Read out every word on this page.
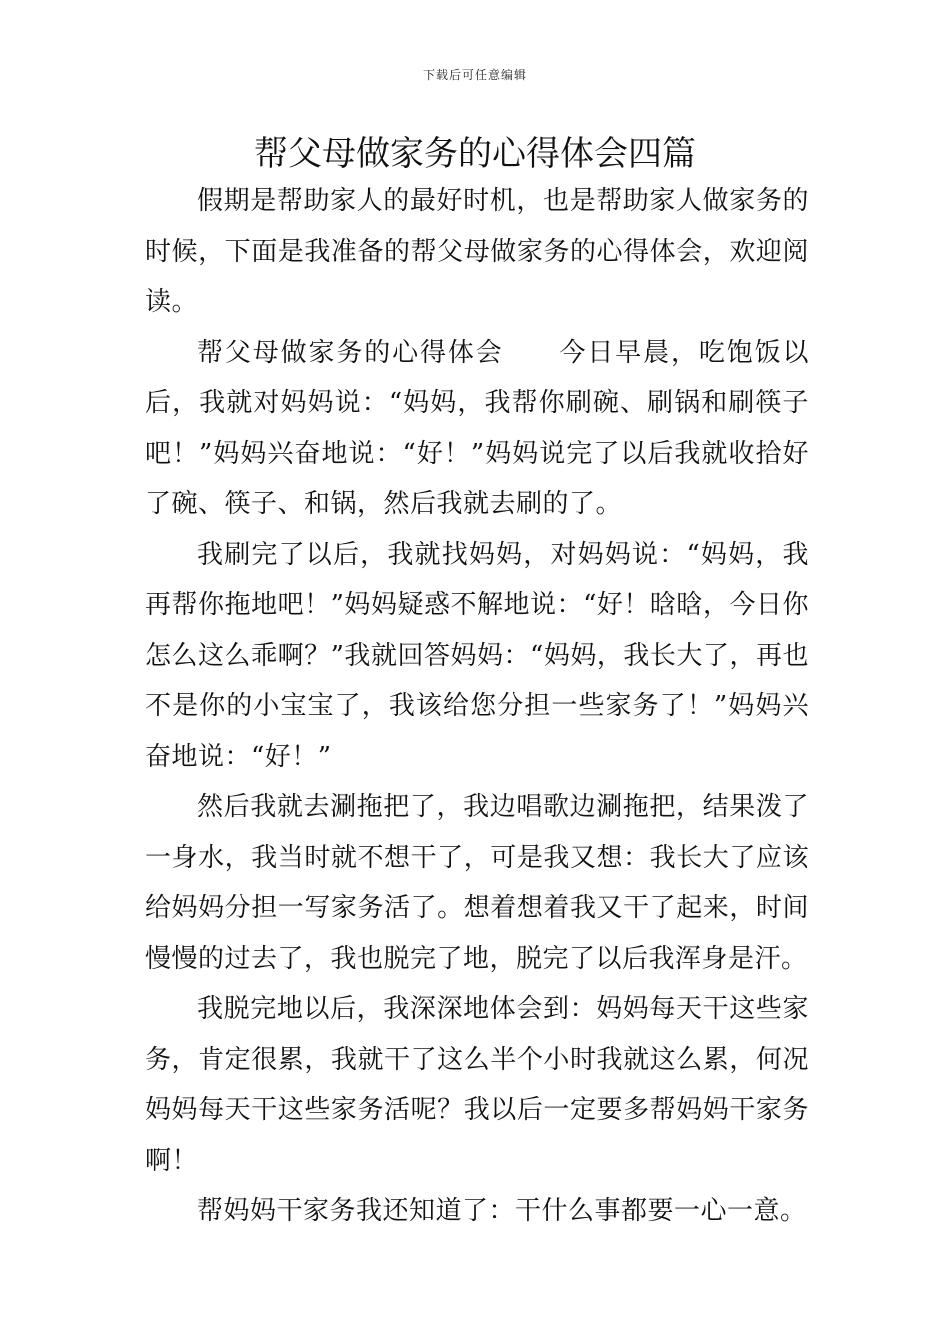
下载后可任意编辑
帮父母做家务的心得体会四篇

假期是帮助家人的最好时机，也是帮助家人做家务的时候，下面是我准备的帮父母做家务的心得体会，欢迎阅读。

帮父母做家务的心得体会　　今日早晨，吃饱饭以后，我就对妈妈说：“妈妈，我帮你刷碗、刷锅和刷筷子吧！”妈妈兴奋地说：“好！”妈妈说完了以后我就收拾好了碗、筷子、和锅，然后我就去刷的了。

我刷完了以后，我就找妈妈，对妈妈说：“妈妈，我再帮你拖地吧！”妈妈疑惑不解地说：“好！晗晗，今日你怎么这么乖啊？”我就回答妈妈：“妈妈，我长大了，再也不是你的小宝宝了，我该给您分担一些家务了！”妈妈兴奋地说：“好！”

然后我就去涮拖把了，我边唱歌边涮拖把，结果泼了一身水，我当时就不想干了，可是我又想：我长大了应该给妈妈分担一写家务活了。想着想着我又干了起来，时间慢慢的过去了，我也脱完了地，脱完了以后我浑身是汗。

我脱完地以后，我深深地体会到：妈妈每天干这些家务，肯定很累，我就干了这么半个小时我就这么累，何况妈妈每天干这些家务活呢？我以后一定要多帮妈妈干家务啊！

帮妈妈干家务我还知道了：干什么事都要一心一意。
